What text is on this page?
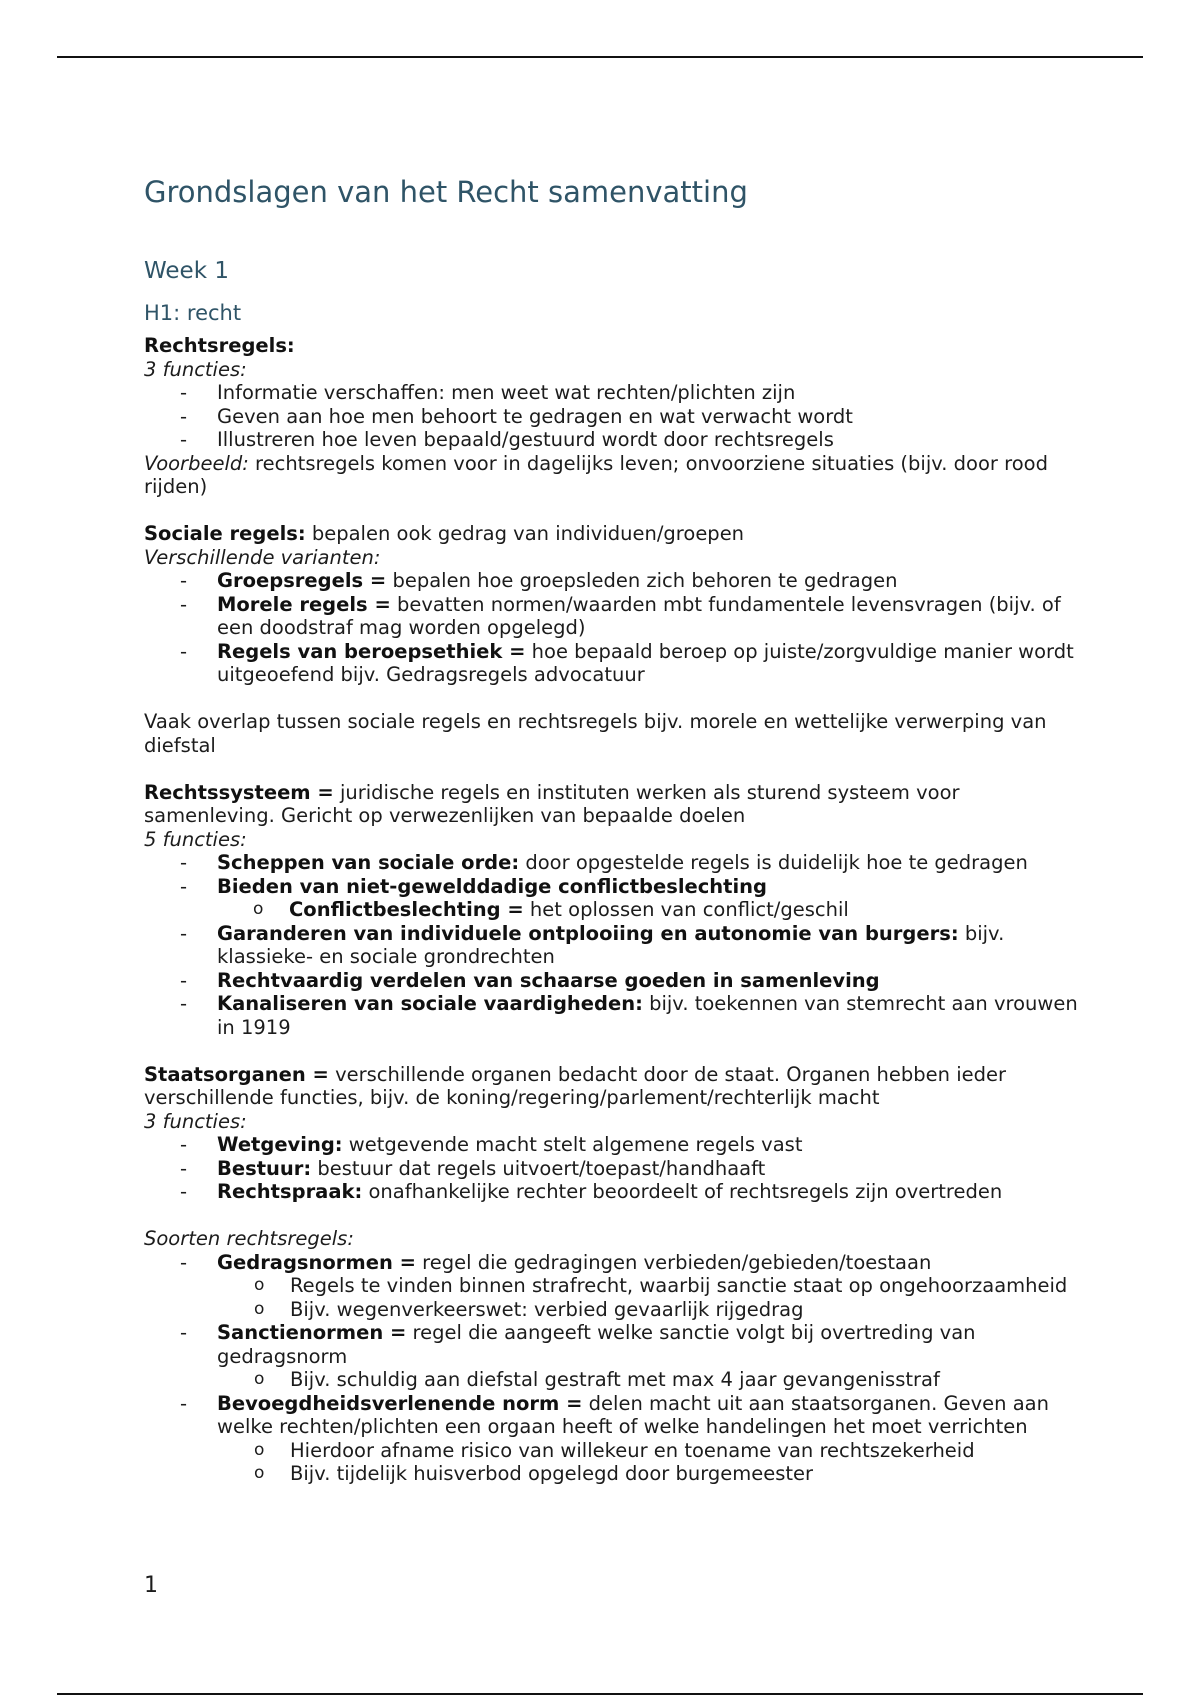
Grondslagen van het Recht samenvatting
Week 1
H1: recht

Rechtsregels:

3 functies:

- Informatie verschaffen: men weet wat rechten/plichten zijn
- Geven aan hoe men behoort te gedragen en wat verwacht wordt
- Illustreren hoe leven bepaald/gestuurd wordt door rechtsregels

Voorbeeld: rechtsregels komen voor in dagelijks leven; onvoorziene situaties (bijv. door rood rijden)

Sociale regels: bepalen ook gedrag van individuen/groepen

Verschillende varianten:

- Groepsregels = bepalen hoe groepsleden zich behoren te gedragen
- Morele regels = bevatten normen/waarden mbt fundamentele levensvragen (bijv. of een doodstraf mag worden opgelegd)
- Regels van beroepsethiek = hoe bepaald beroep op juiste/zorgvuldige manier wordt uitgeoefend bijv. Gedragsregels advocatuur

Vaak overlap tussen sociale regels en rechtsregels bijv. morele en wettelijke verwerping van diefstal

Rechtssysteem = juridische regels en instituten werken als sturend systeem voor samenleving. Gericht op verwezenlijken van bepaalde doelen

5 functies:

- Scheppen van sociale orde: door opgestelde regels is duidelijk hoe te gedragen
- Bieden van niet-gewelddadige conflictbeslechting
o	Conflictbeslechting = het oplossen van conflict/geschil
- Garanderen van individuele ontplooiing en autonomie van burgers: bijv. klassieke- en sociale grondrechten
- Rechtvaardig verdelen van schaarse goeden in samenleving
- Kanaliseren van sociale vaardigheden: bijv. toekennen van stemrecht aan vrouwen in 1919

Staatsorganen = verschillende organen bedacht door de staat. Organen hebben ieder verschillende functies, bijv. de koning/regering/parlement/rechterlijk macht

3 functies:

- Wetgeving: wetgevende macht stelt algemene regels vast
- Bestuur: bestuur dat regels uitvoert/toepast/handhaaft
- Rechtspraak: onafhankelijke rechter beoordeelt of rechtsregels zijn overtreden

Soorten rechtsregels:

- Gedragsnormen = regel die gedragingen verbieden/gebieden/toestaan
o Regels te vinden binnen strafrecht, waarbij sanctie staat op ongehoorzaamheid
o Bijv. wegenverkeerswet: verbied gevaarlijk rijgedrag
- Sanctienormen = regel die aangeeft welke sanctie volgt bij overtreding van gedragsnorm
o Bijv. schuldig aan diefstal gestraft met max 4 jaar gevangenisstraf
- Bevoegdheidsverlenende norm = delen macht uit aan staatsorganen. Geven aan welke rechten/plichten een orgaan heeft of welke handelingen het moet verrichten
o Hierdoor afname risico van willekeur en toename van rechtszekerheid
o Bijv. tijdelijk huisverbod opgelegd door burgemeester
1
